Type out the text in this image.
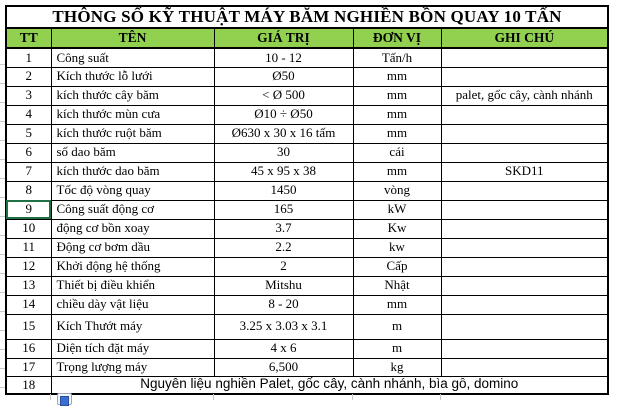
THÔNG SỐ KỸ THUẬT MÁY BĂM NGHIỀN BỒN QUAY 10 TẤN				
TT	TÊN	GIÁ TRỊ	ĐƠN VỊ	GHI CHÚ
1	Công suất	10 - 12	Tấn/h	
2	Kích thước lỗ lưới	Ø50	mm	
3	kích thước cây băm	< Ø 500	mm	palet, gốc cây, cành nhánh
4	kích thước mùn cưa	Ø10 ÷ Ø50	mm	
5	kích thước ruột băm	Ø630 x 30 x 16 tấm	mm	
6	số dao băm	30	cái	
7	kích thước dao băm	45 x 95 x 38	mm	SKD11
8	Tốc độ vòng quay	1450	vòng	
9	Công suất động cơ	165	kW	
10	động cơ bồn xoay	3.7	Kw	
11	Động cơ bơm dầu	2.2	kw	
12	Khởi động hệ thống	2	Cấp	
13	Thiết bị điều khiển	Mitshu	Nhật	
14	chiều dày vật liệu	8 - 20	mm	
15	Kích Thướt máy	3.25 x 3.03 x 3.1	m	
16	Diện tích đặt máy	4 x 6	m	
17	Trọng lượng máy	6,500	kg	
18	Nguyên liệu nghiền Palet, gốc cây, cành nhánh, bìa gỗ, domino			
